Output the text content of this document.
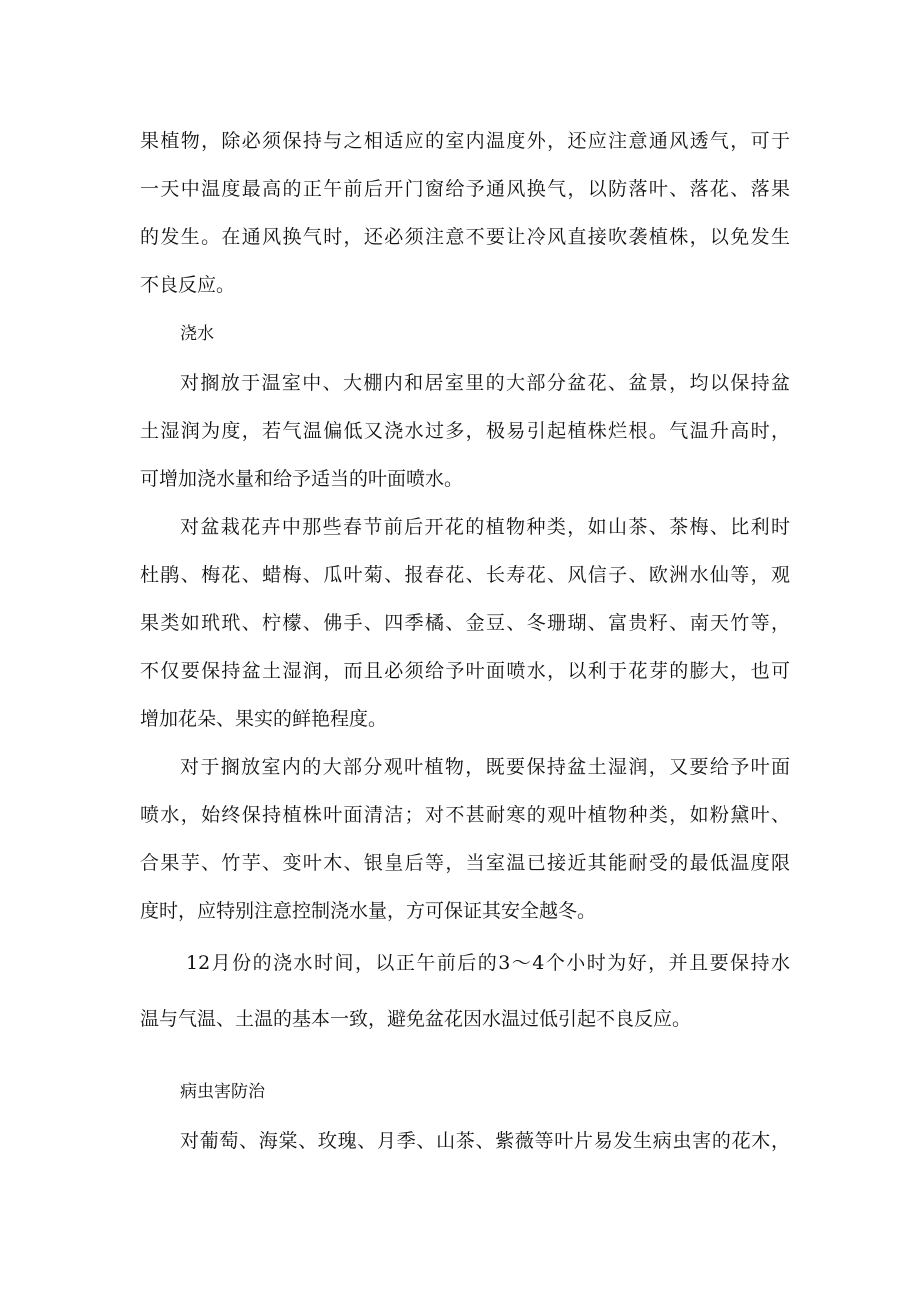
果植物，除必须保持与之相适应的室内温度外，还应注意通风透气，可于
一天中温度最高的正午前后开门窗给予通风换气，以防落叶、落花、落果
的发生。在通风换气时，还必须注意不要让冷风直接吹袭植株，以免发生
不良反应。
浇水
对搁放于温室中、大棚内和居室里的大部分盆花、盆景，均以保持盆
土湿润为度，若气温偏低又浇水过多，极易引起植株烂根。气温升高时，
可增加浇水量和给予适当的叶面喷水。
对盆栽花卉中那些春节前后开花的植物种类，如山茶、茶梅、比利时
杜鹃、梅花、蜡梅、瓜叶菊、报春花、长寿花、风信子、欧洲水仙等，观
果类如玳玳、柠檬、佛手、四季橘、金豆、冬珊瑚、富贵籽、南天竹等，
不仅要保持盆土湿润，而且必须给予叶面喷水，以利于花芽的膨大，也可
增加花朵、果实的鲜艳程度。
对于搁放室内的大部分观叶植物，既要保持盆土湿润，又要给予叶面
喷水，始终保持植株叶面清洁；对不甚耐寒的观叶植物种类，如粉黛叶、
合果芋、竹芋、变叶木、银皇后等，当室温已接近其能耐受的最低温度限
度时，应特别注意控制浇水量，方可保证其安全越冬。
12月份的浇水时间，以正午前后的3～4个小时为好，并且要保持水
温与气温、土温的基本一致，避免盆花因水温过低引起不良反应。
病虫害防治
对葡萄、海棠、玫瑰、月季、山茶、紫薇等叶片易发生病虫害的花木，
